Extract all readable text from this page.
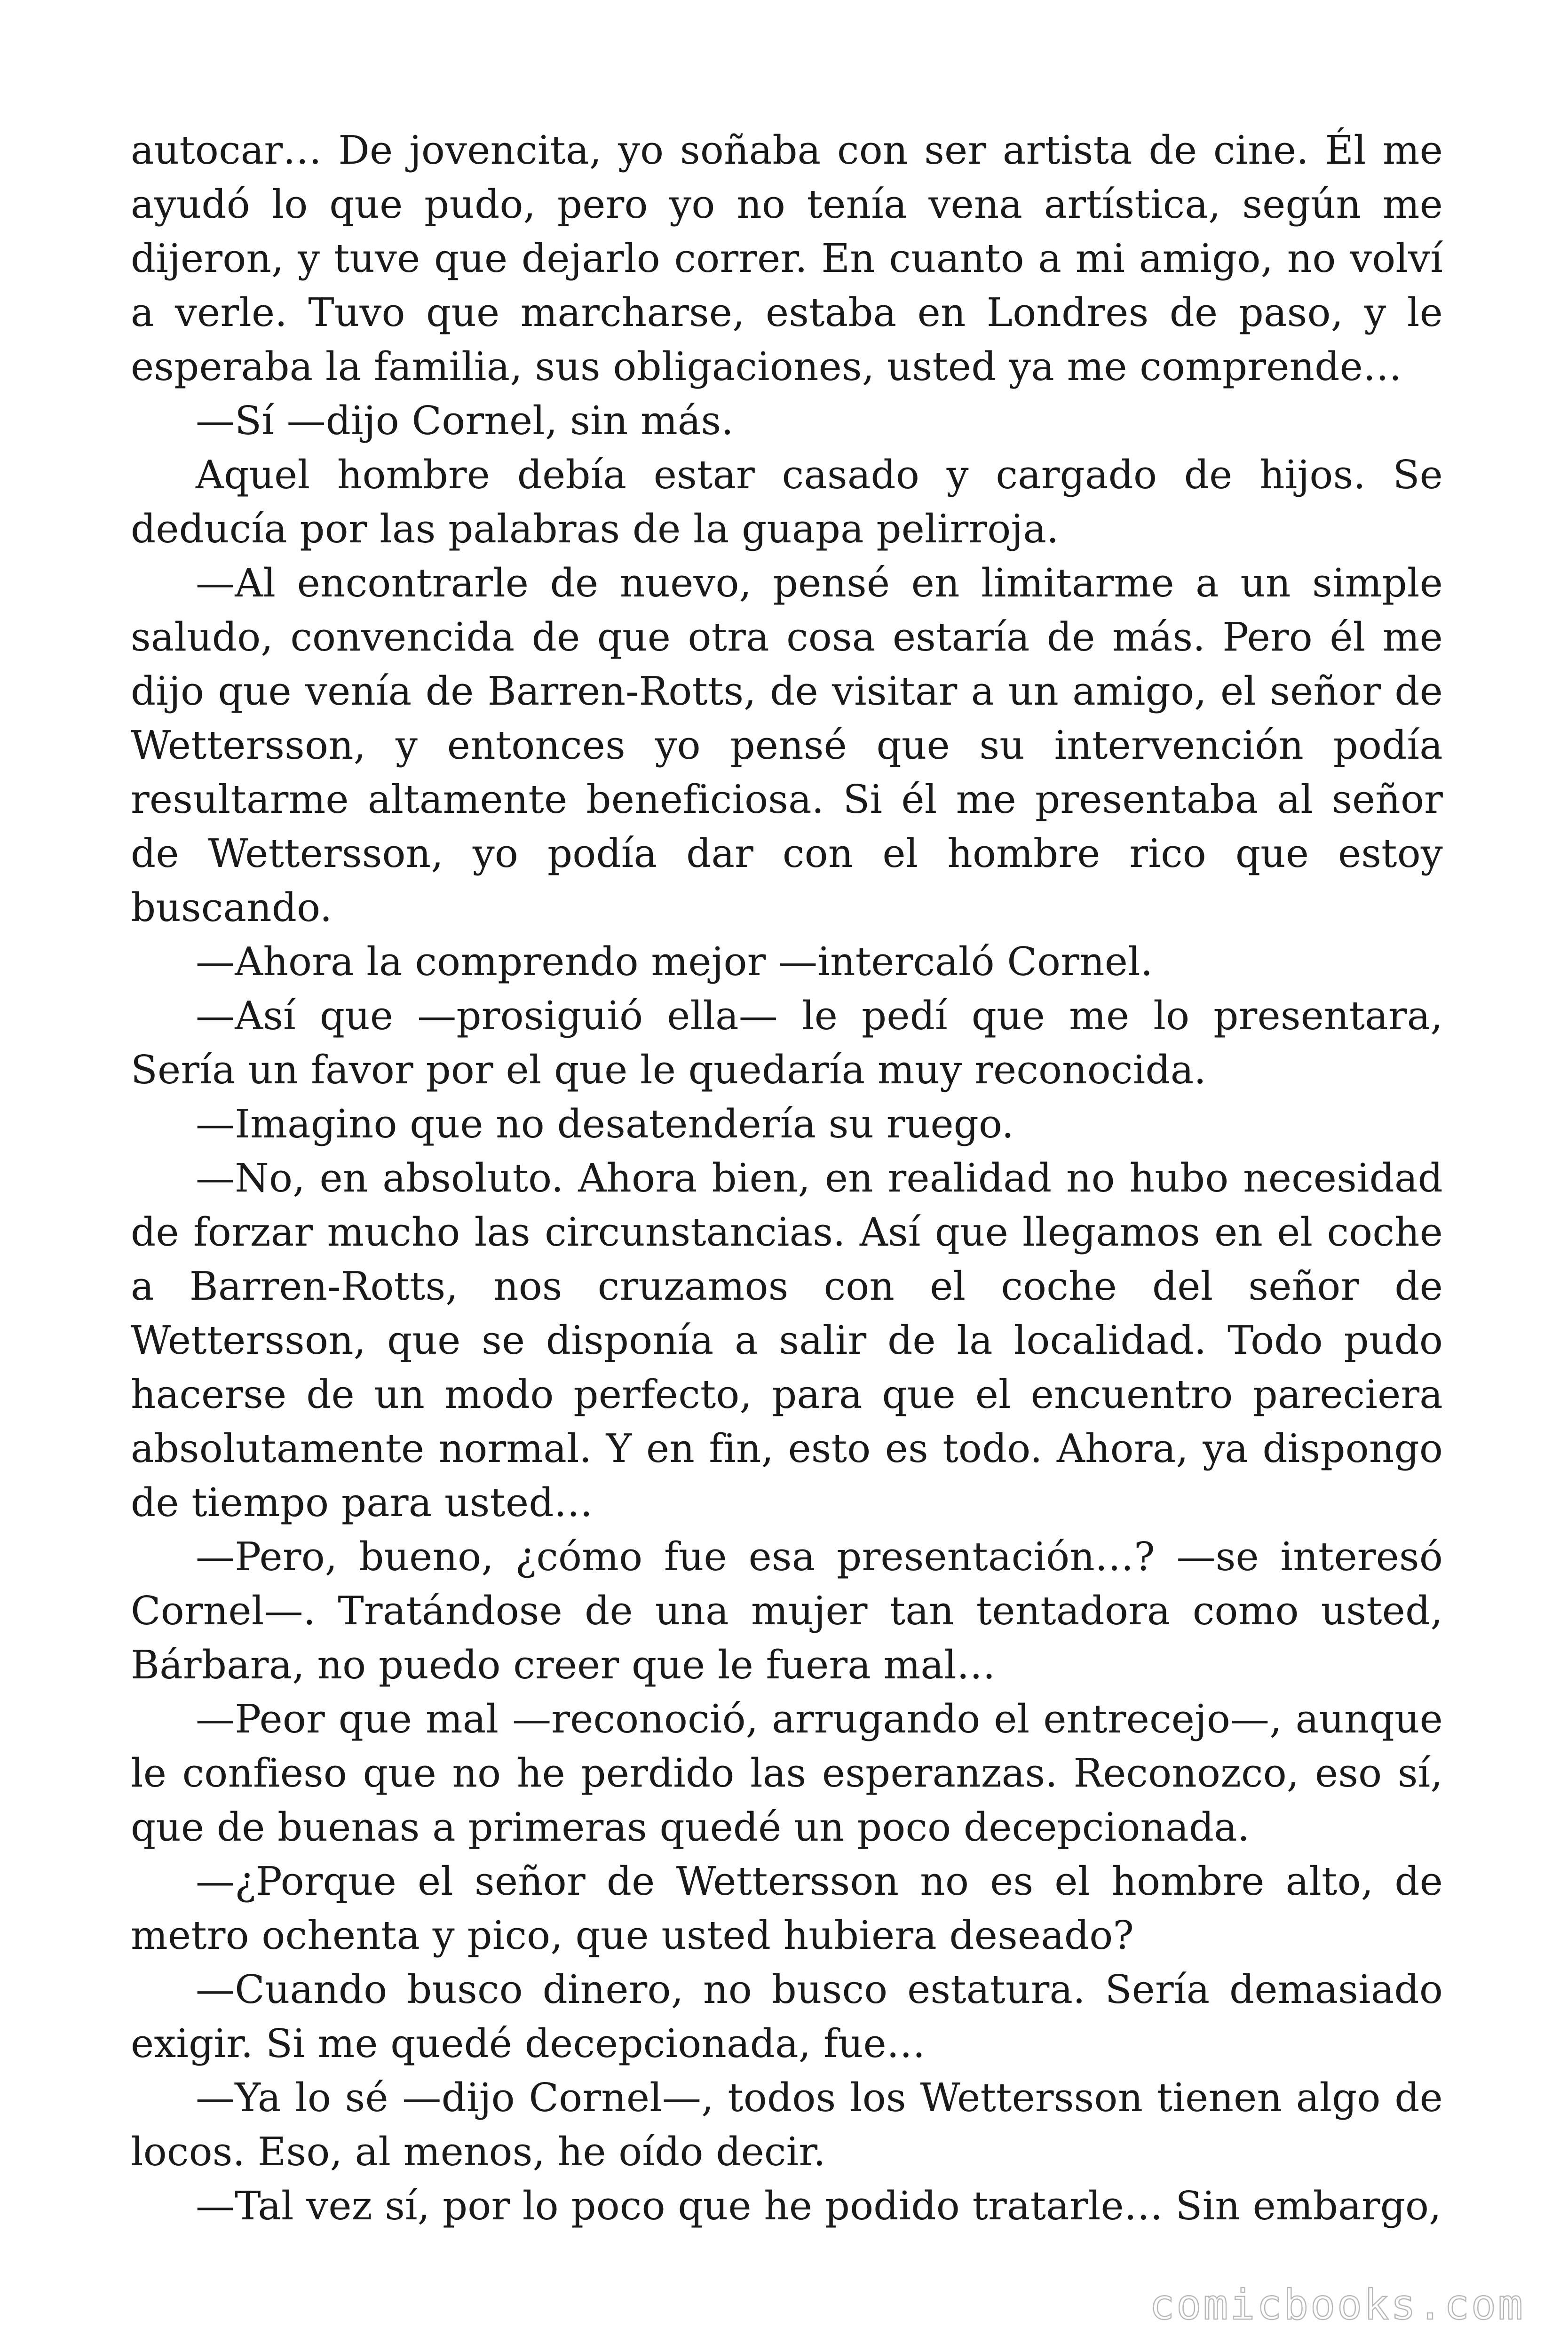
autocar… De jovencita, yo soñaba con ser artista de cine. Él me ayudó lo que pudo, pero yo no tenía vena artística, según me dijeron, y tuve que dejarlo correr. En cuanto a mi amigo, no volví a verle. Tuvo que marcharse, estaba en Londres de paso, y le esperaba la familia, sus obligaciones, usted ya me comprende…

—Sí —dijo Cornel, sin más.

Aquel hombre debía estar casado y cargado de hijos. Se deducía por las palabras de la guapa pelirroja.

—Al encontrarle de nuevo, pensé en limitarme a un simple saludo, convencida de que otra cosa estaría de más. Pero él me dijo que venía de Barren-Rotts, de visitar a un amigo, el señor de Wettersson, y entonces yo pensé que su intervención podía resultarme altamente beneficiosa. Si él me presentaba al señor de Wettersson, yo podía dar con el hombre rico que estoy buscando.

—Ahora la comprendo mejor —intercaló Cornel.

—Así que —prosiguió ella— le pedí que me lo presentara, Sería un favor por el que le quedaría muy reconocida.

—Imagino que no desatendería su ruego.

—No, en absoluto. Ahora bien, en realidad no hubo necesidad de forzar mucho las circunstancias. Así que llegamos en el coche a Barren-Rotts, nos cruzamos con el coche del señor de Wettersson, que se disponía a salir de la localidad. Todo pudo hacerse de un modo perfecto, para que el encuentro pareciera absolutamente normal. Y en fin, esto es todo. Ahora, ya dispongo de tiempo para usted…

—Pero, bueno, ¿cómo fue esa presentación…? —se interesó Cornel—. Tratándose de una mujer tan tentadora como usted, Bárbara, no puedo creer que le fuera mal…

—Peor que mal —reconoció, arrugando el entrecejo—, aunque le confieso que no he perdido las esperanzas. Reconozco, eso sí, que de buenas a primeras quedé un poco decepcionada.

—¿Porque el señor de Wettersson no es el hombre alto, de metro ochenta y pico, que usted hubiera deseado?

—Cuando busco dinero, no busco estatura. Sería demasiado exigir. Si me quedé decepcionada, fue…

—Ya lo sé —dijo Cornel—, todos los Wettersson tienen algo de locos. Eso, al menos, he oído decir.

—Tal vez sí, por lo poco que he podido tratarle… Sin embargo,

comicbooks.com
